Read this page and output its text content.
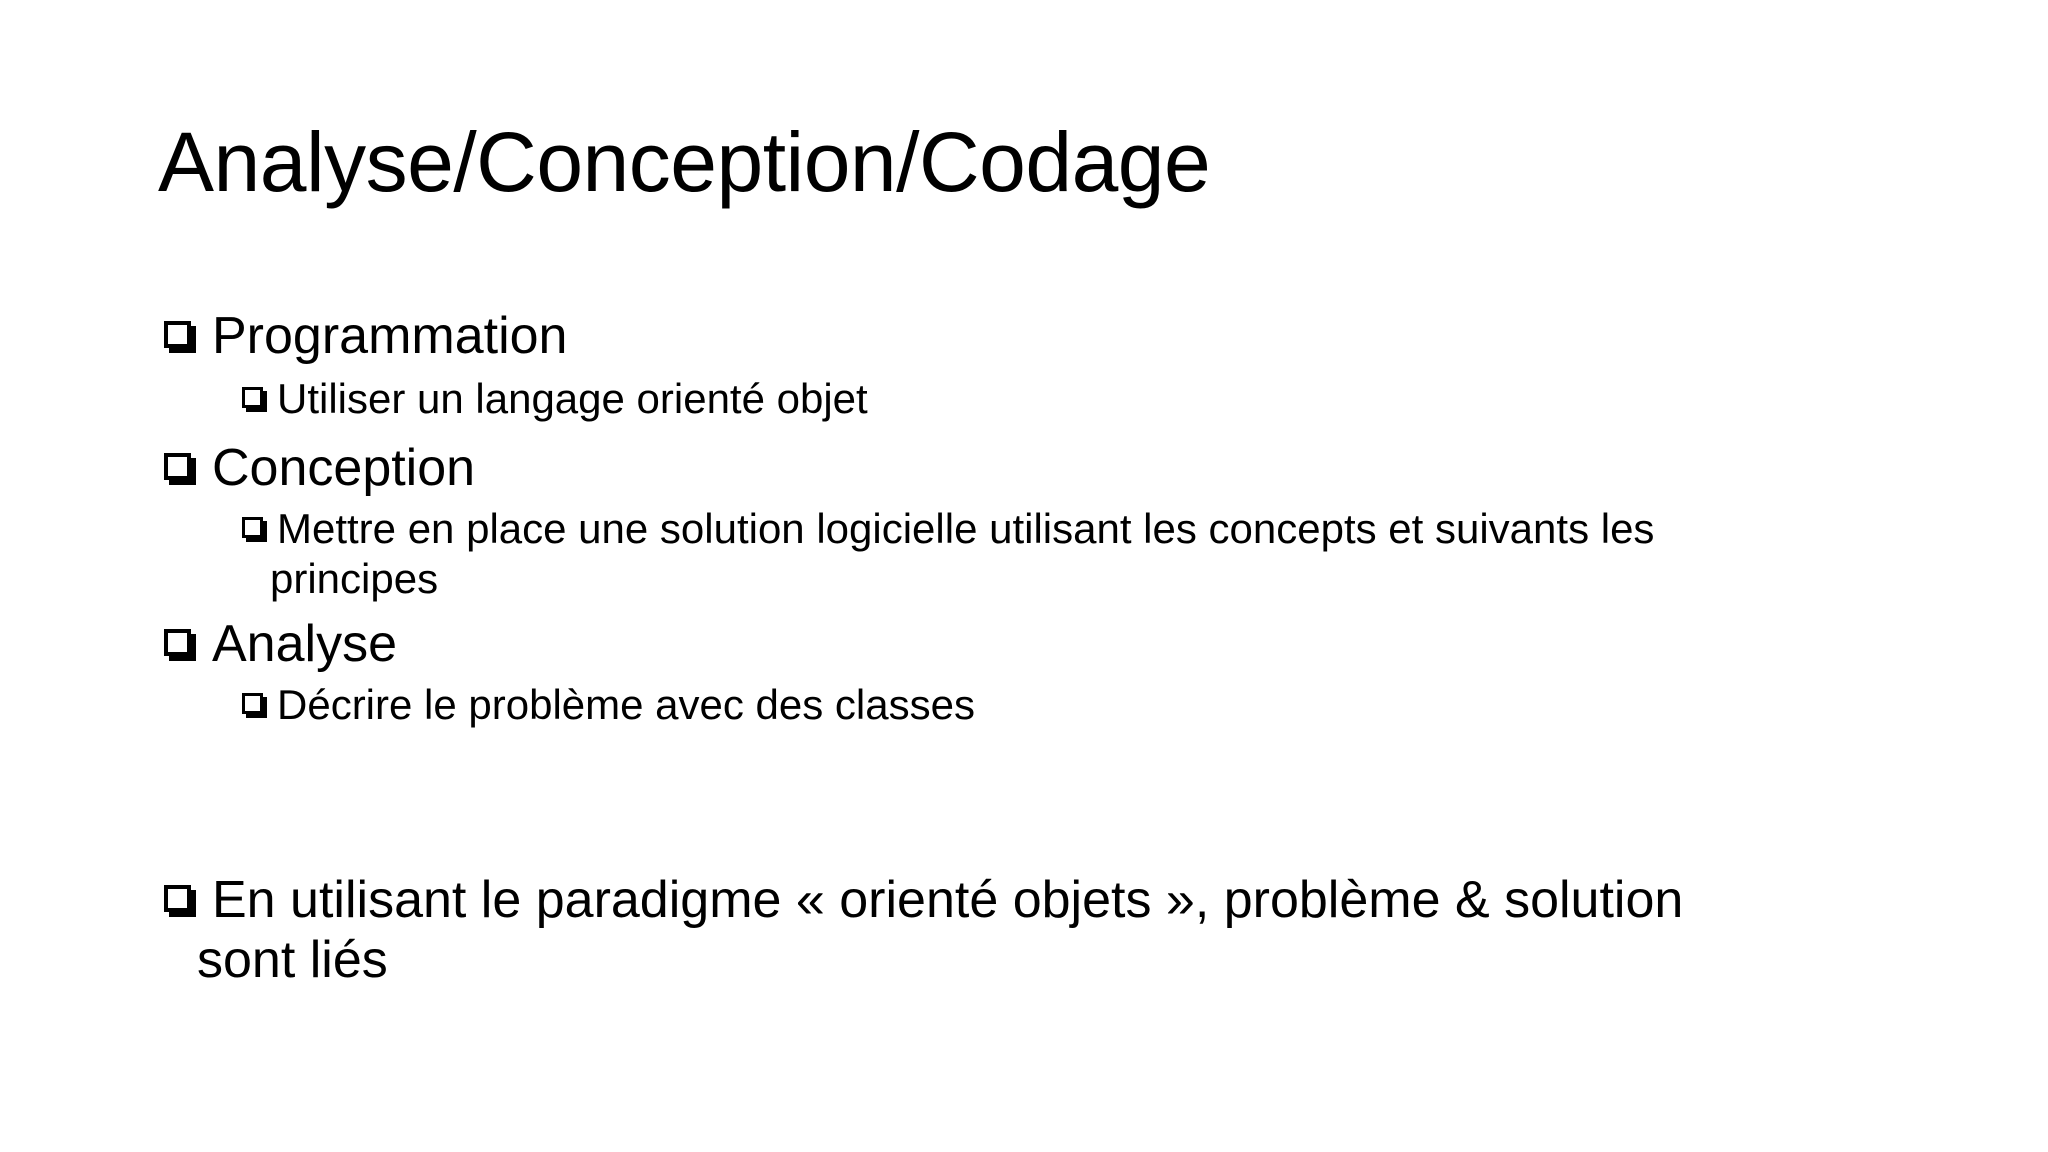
Analyse/Conception/Codage
Programmation
Utiliser un langage orienté objet
Conception
Mettre en place une solution logicielle utilisant les concepts et suivants les
principes
Analyse
Décrire le problème avec des classes
En utilisant le paradigme « orienté objets », problème & solution
sont liés
